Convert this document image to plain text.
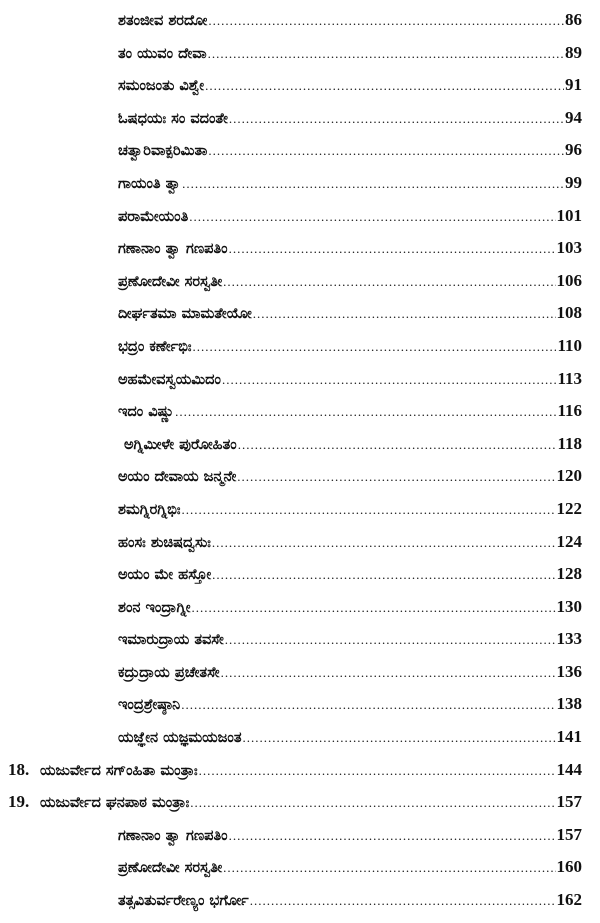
ಶತಂಜೀವ ಶರದೋ .....	86
ತಂ ಯುವಂ ದೇವಾ .....	89
ಸಮಂಜಂತು ವಿಶ್ವೇ .....	91
ಓಷಧಯಃ ಸಂ ವದಂತೇ .....	94
ಚತ್ವಾರಿವಾಕ್ಪರಿಮಿತಾ .....	96
ಗಾಯಂತಿ ತ್ವಾ .....	99
ಪರಾಮೇಯಂತಿ .....	101
ಗಣಾನಾಂ ತ್ವಾ ಗಣಪತಿಂ .....	103
ಪ್ರಣೋದೇವೀ ಸರಸ್ವತೀ .....	106
ದೀರ್ಘತಮಾ ಮಾಮತೇಯೋ .....	108
ಭದ್ರಂ ಕರ್ಣೇಭಿಃ .....	110
ಅಹಮೇವಸ್ವಯಮಿದಂ .....	113
ಇದಂ ವಿಷ್ಣು .....	116
ಅಗ್ನಿಮೀಳೇ ಪುರೋಹಿತಂ .....	118
ಅಯಂ ದೇವಾಯ ಜನ್ಮನೇ .....	120
ಶಮಗ್ನಿರಗ್ನಿಭಿಃ .....	122
ಹಂಸಃ ಶುಚಿಷದ್ವಸುಃ .....	124
ಅಯಂ ಮೇ ಹಸ್ತೋ .....	128
ಶಂನ ಇಂದ್ರಾಗ್ನೀ .....	130
ಇಮಾರುದ್ರಾಯ ತವಸೇ .....	133
ಕದ್ರುದ್ರಾಯ ಪ್ರಚೇತಸೇ .....	136
ಇಂದ್ರಶ್ರೇಷ್ಠಾನಿ .....	138
ಯಜ್ಞೇನ ಯಜ್ಞಮಯಜಂತ .....	141
18. ಯಜುರ್ವೇದ ಸಗ್ಂಹಿತಾ ಮಂತ್ರಾಃ .....	144
19. ಯಜುರ್ವೇದ ಘನಪಾಠ ಮಂತ್ರಾಃ .....	157
ಗಣಾನಾಂ ತ್ವಾ ಗಣಪತಿಂ .....	157
ಪ್ರಣೋದೇವೀ ಸರಸ್ವತೀ .....	160
ತತ್ಸವಿತುರ್ವರೇಣ್ಯಂ ಭರ್ಗೋ .....	162
